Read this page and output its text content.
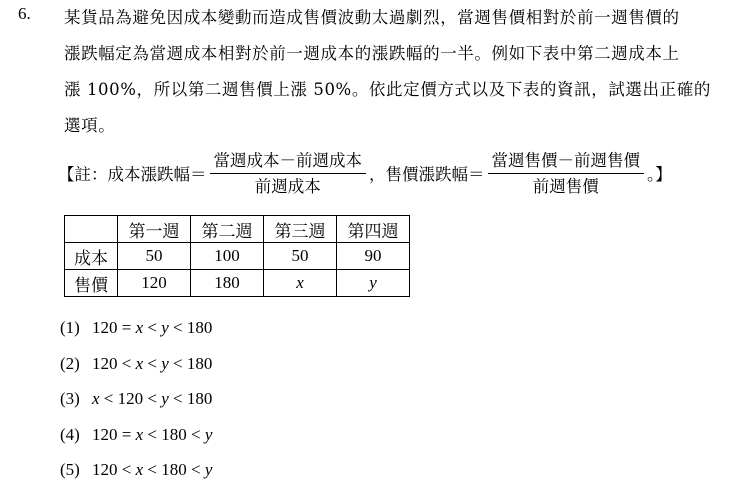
6. 某貨品為避免因成本變動而造成售價波動太過劇烈，當週售價相對於前一週售價的
漲跌幅定為當週成本相對於前一週成本的漲跌幅的一半。例如下表中第二週成本上
漲 100%，所以第二週售價上漲 50%。依此定價方式以及下表的資訊，試選出正確的
選項。
【註：成本漲跌幅＝ $\frac{\text{當週成本－前週成本}}{\text{前週成本}}$ ，售價漲跌幅＝ $\frac{\text{當週售價－前週售價}}{\text{前週售價}}$ 。】
	第一週	第二週	第三週	第四週
成本	50	100	50	90
售價	120	180	x	y
(1) 120 = x < y < 180
(2) 120 < x < y < 180
(3) x < 120 < y < 180
(4) 120 = x < 180 < y
(5) 120 < x < 180 < y
